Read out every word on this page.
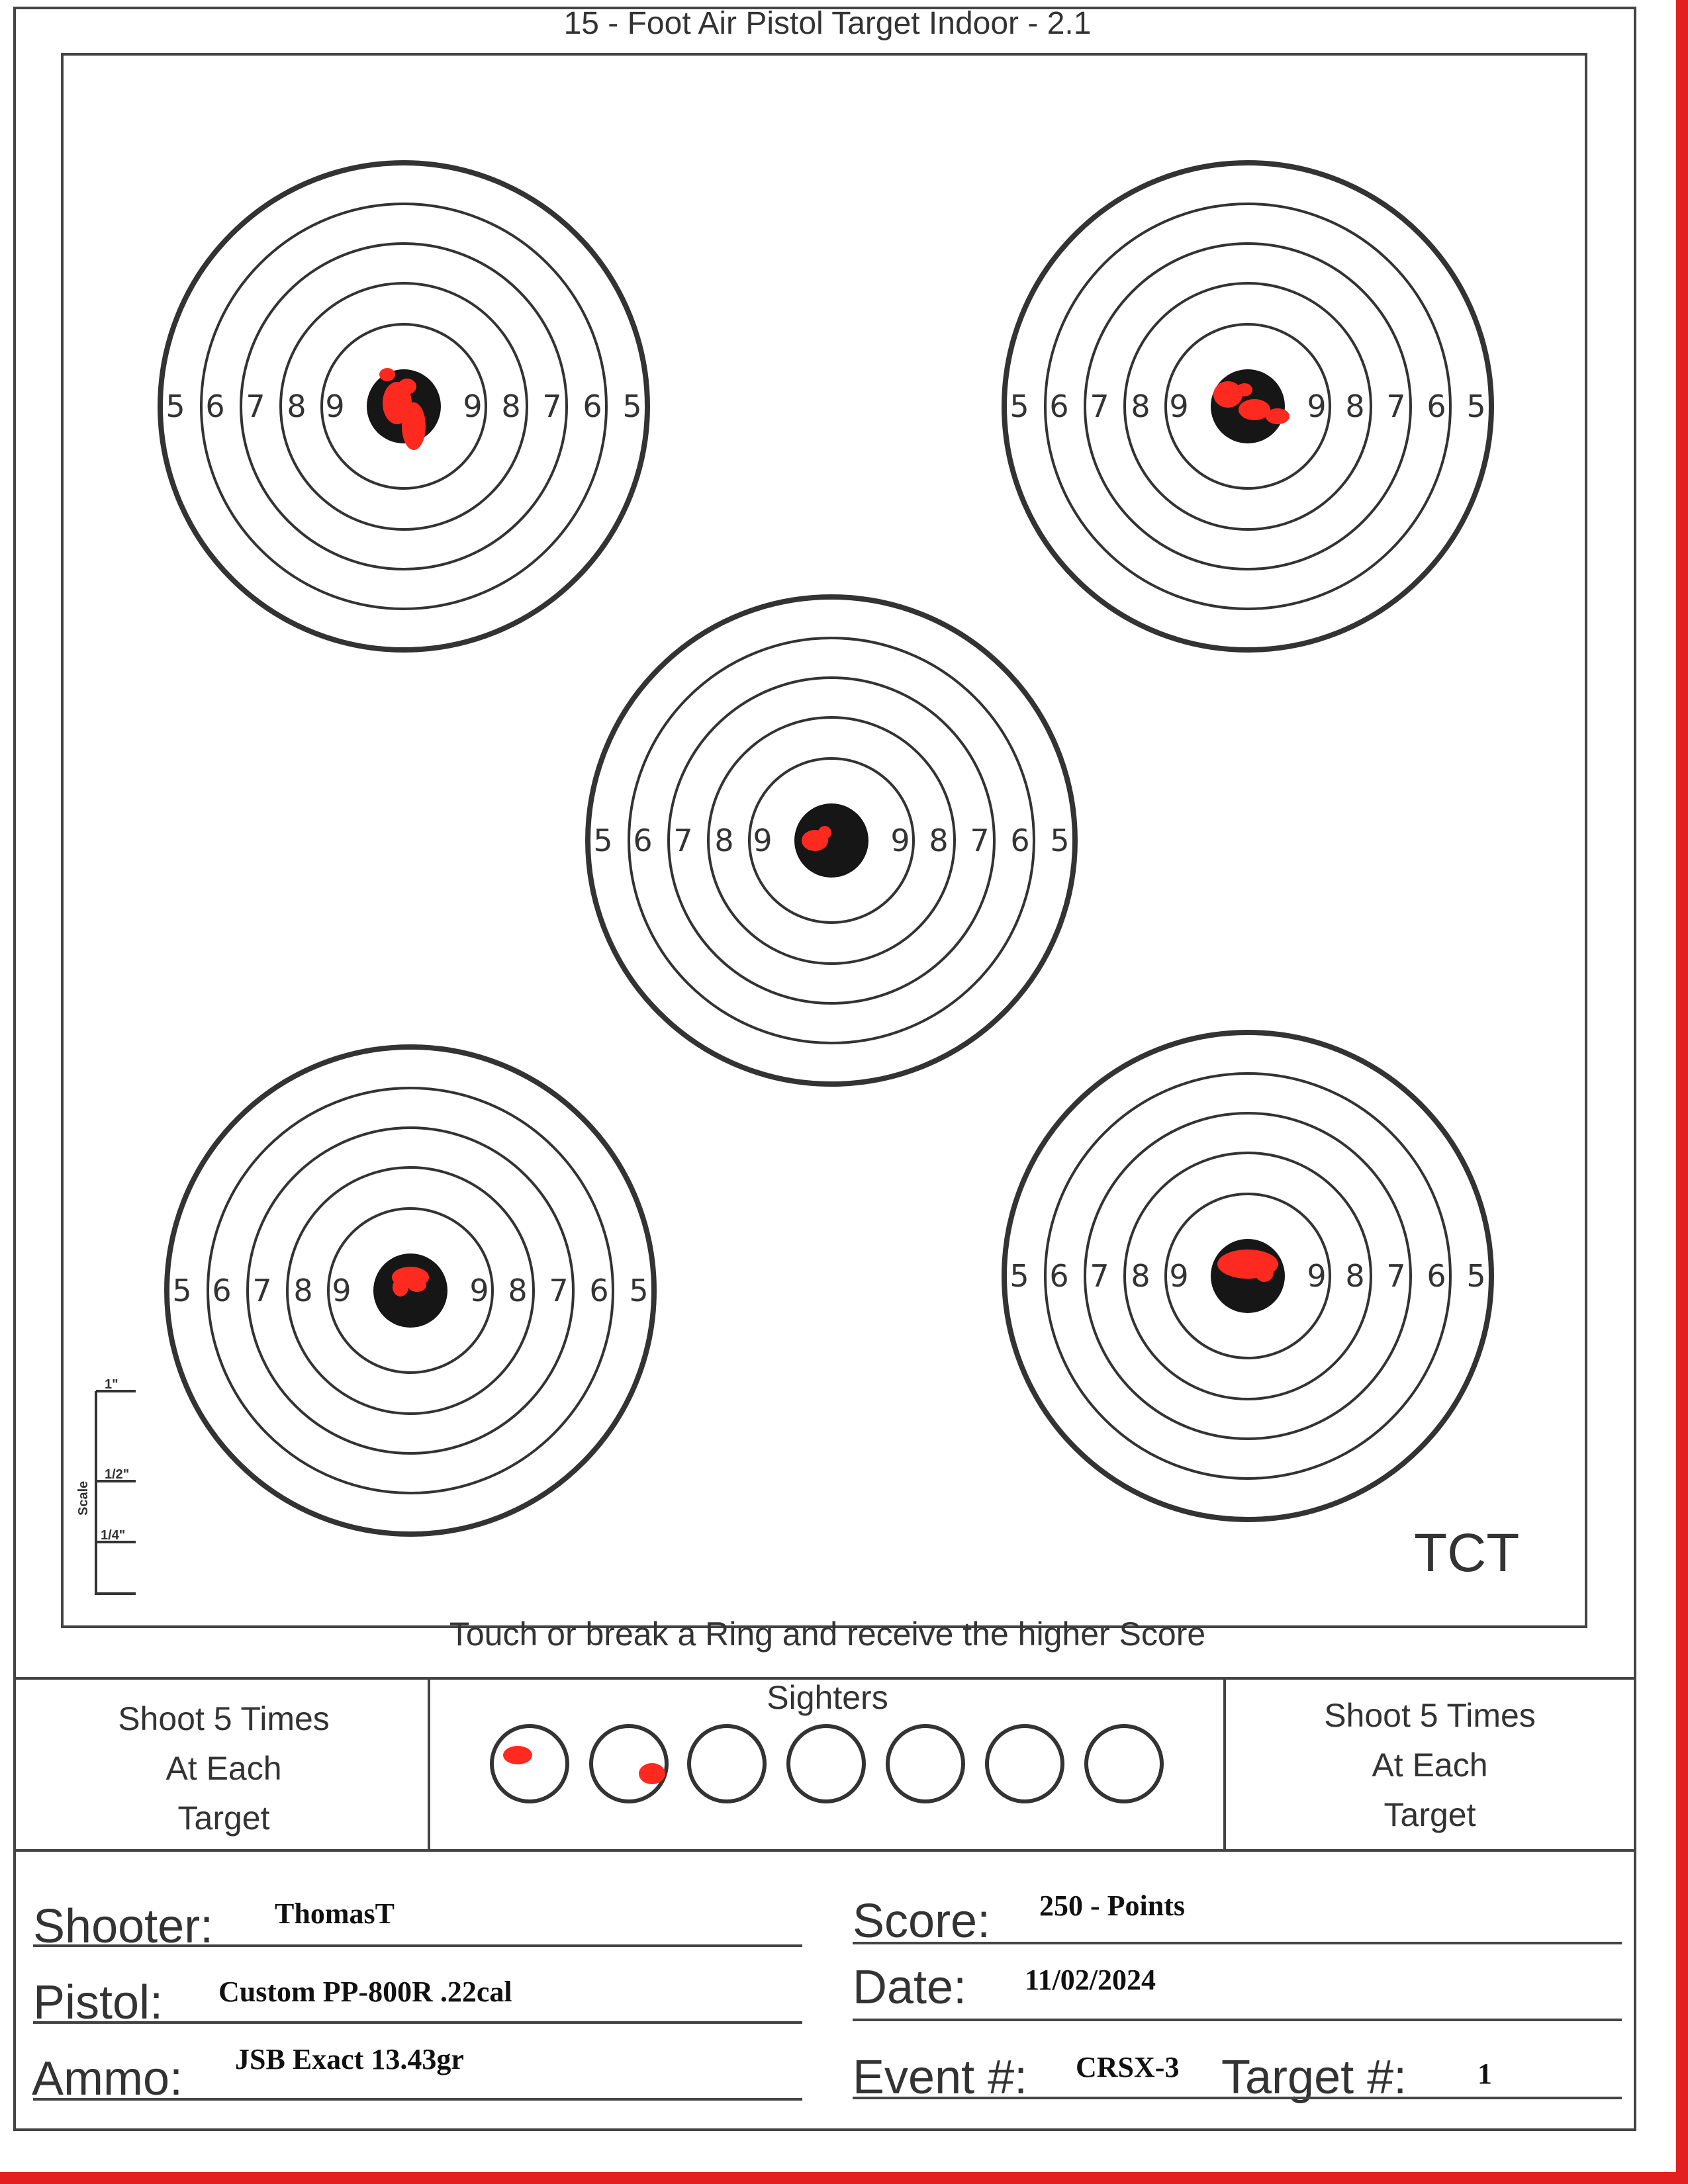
15 - Foot Air Pistol Target Indoor - 2.1
5	5
6	6
7	7
8	8
9	9	5	5
6	6
7	7
8	8
9	9
5	5
6	6
7	7
8	8
9	9
5	5
6	6
7	7
8	8
9	9	5	5
6	6
7	7
8	8
9	9
Scale
1"
1/2"
1/4"	TCT
Touch or break a Ring and receive the higher Score
Shoot 5 Times
At Each
Target
Shoot 5 Times
At Each
Target
Sighters
Shooter: ThomasT
Pistol: Custom PP-800R .22cal
Ammo: JSB Exact 13.43gr
Score: 250 - Points
Date: 11/02/2024
Event #: CRSX-3 Target #: 1
